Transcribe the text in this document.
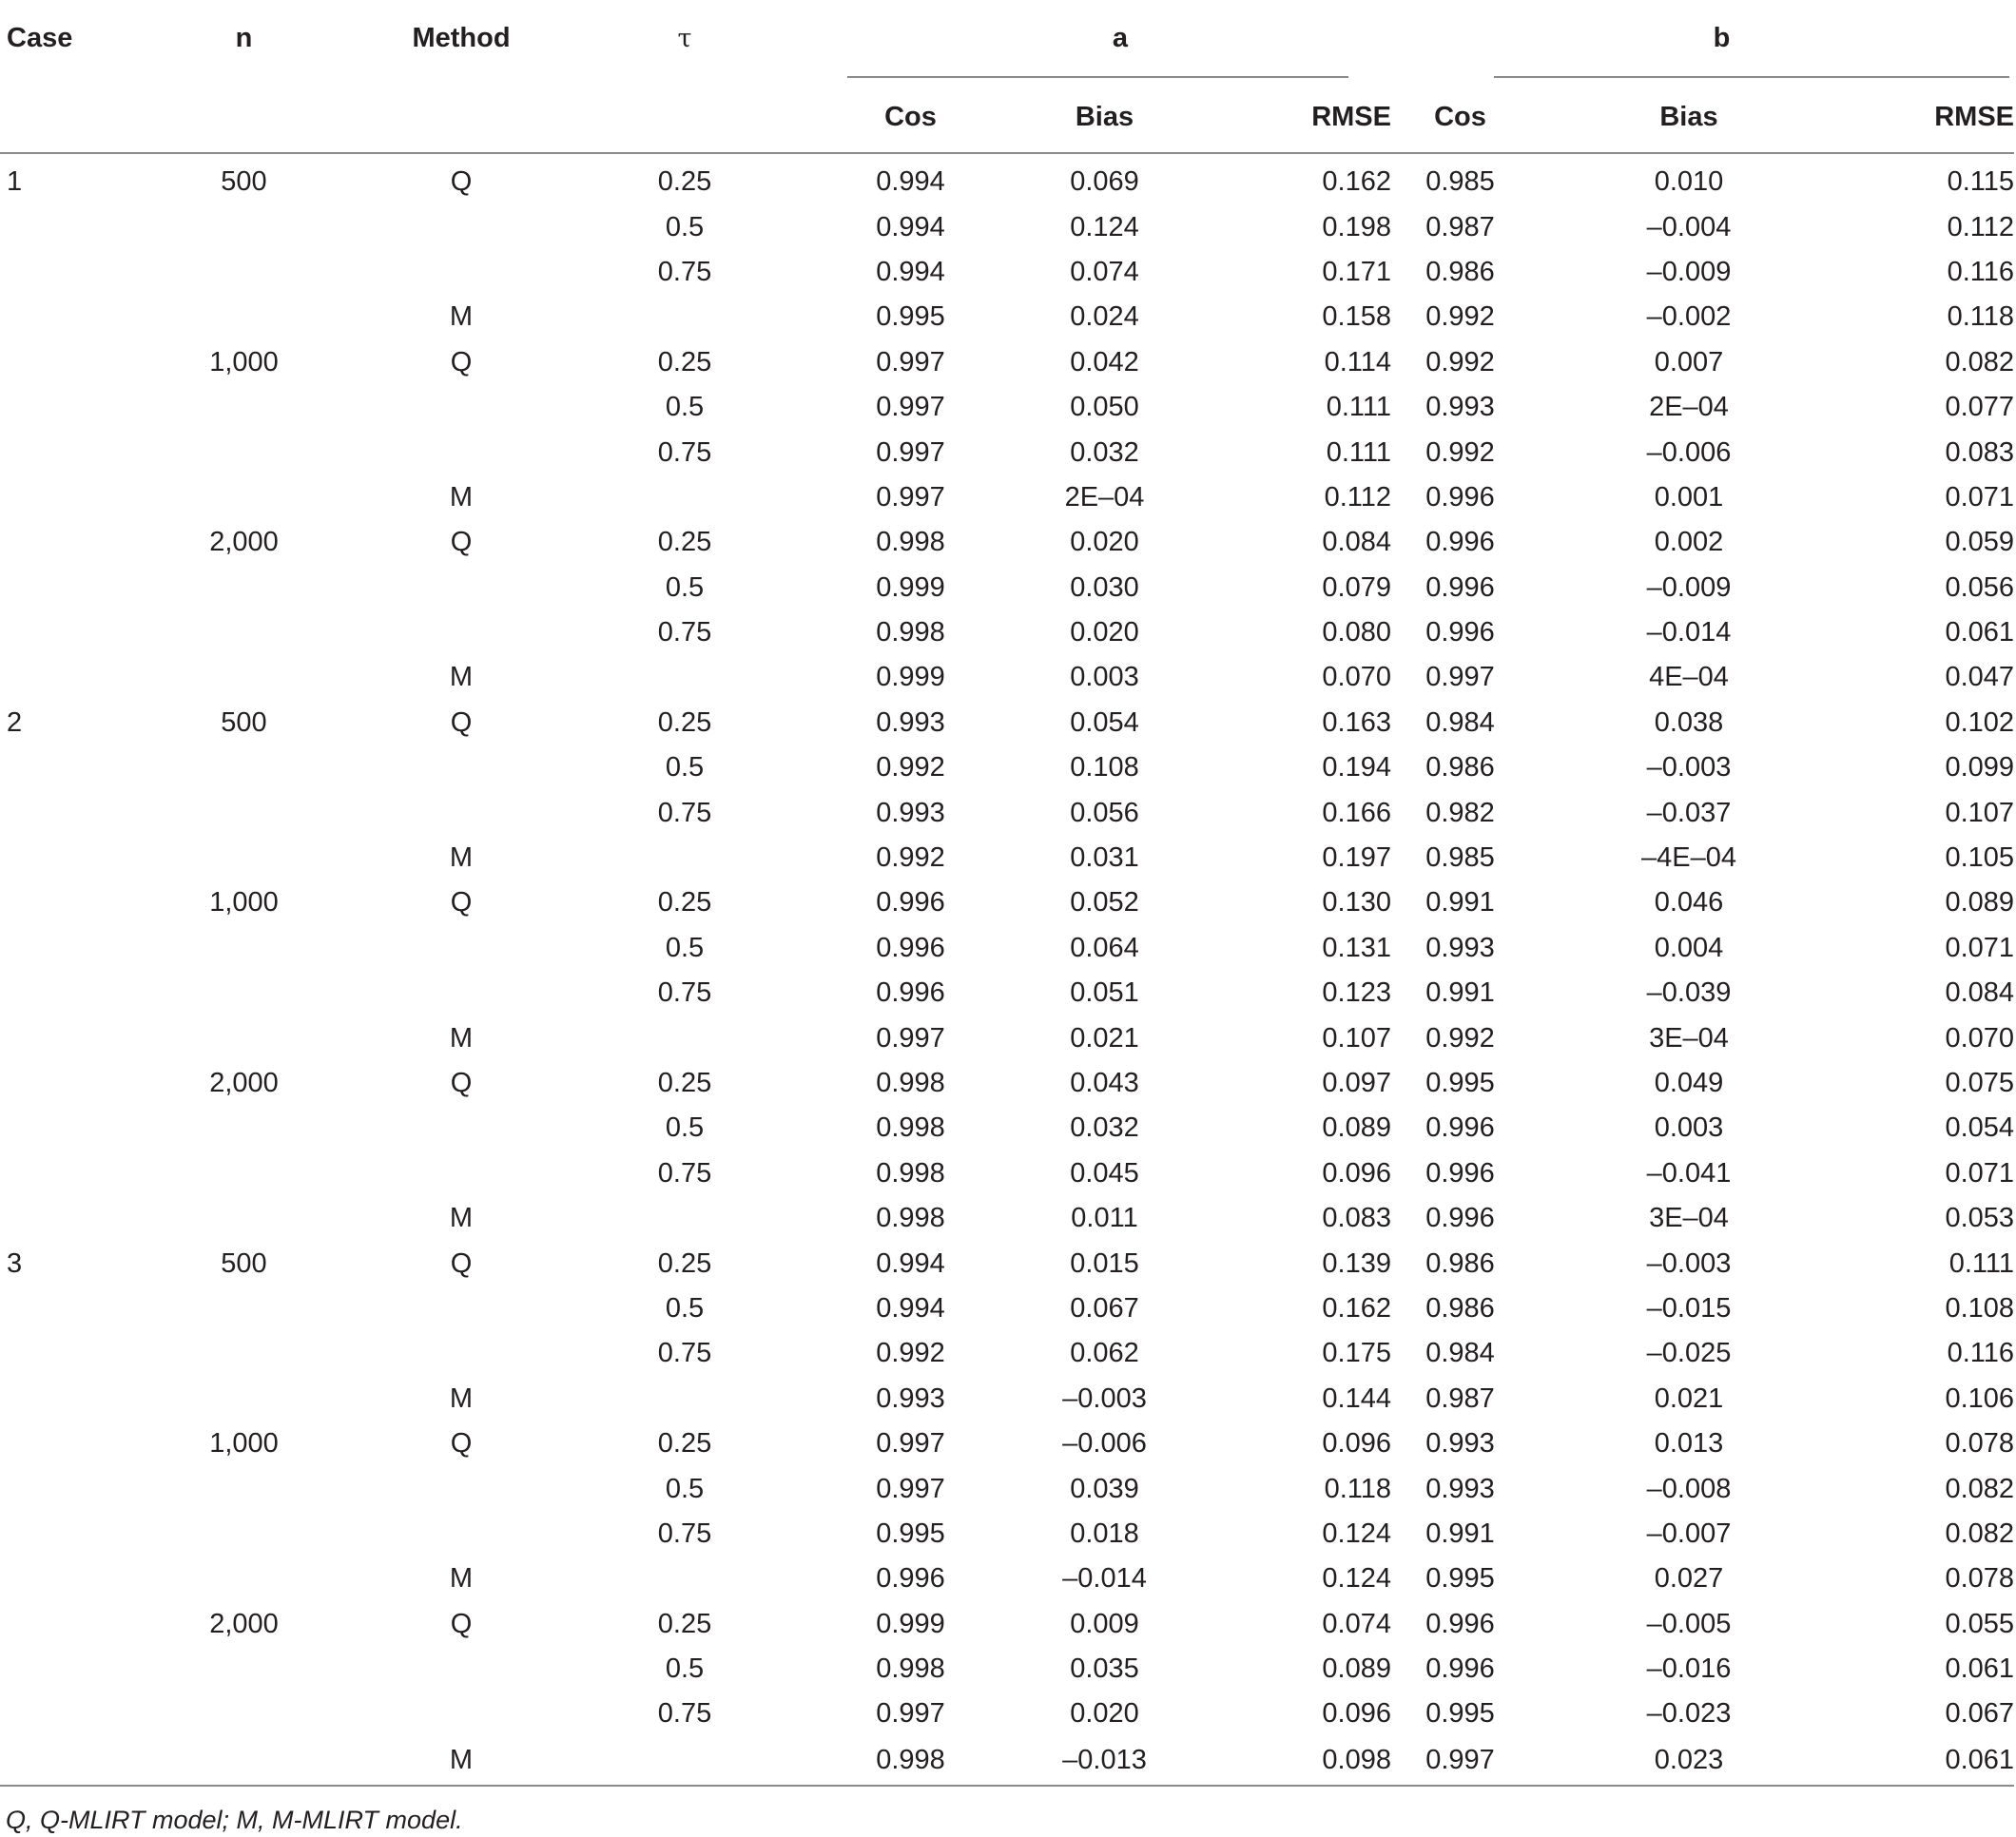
Case	n	Method	τ	a			b		
				Cos	Bias	RMSE	Cos	Bias	RMSE
1	500	Q	0.25	0.994	0.069	0.162	0.985	0.010	0.115
			0.5	0.994	0.124	0.198	0.987	–0.004	0.112
			0.75	0.994	0.074	0.171	0.986	–0.009	0.116
		M		0.995	0.024	0.158	0.992	–0.002	0.118
	1,000	Q	0.25	0.997	0.042	0.114	0.992	0.007	0.082
			0.5	0.997	0.050	0.111	0.993	2E–04	0.077
			0.75	0.997	0.032	0.111	0.992	–0.006	0.083
		M		0.997	2E–04	0.112	0.996	0.001	0.071
	2,000	Q	0.25	0.998	0.020	0.084	0.996	0.002	0.059
			0.5	0.999	0.030	0.079	0.996	–0.009	0.056
			0.75	0.998	0.020	0.080	0.996	–0.014	0.061
		M		0.999	0.003	0.070	0.997	4E–04	0.047
2	500	Q	0.25	0.993	0.054	0.163	0.984	0.038	0.102
			0.5	0.992	0.108	0.194	0.986	–0.003	0.099
			0.75	0.993	0.056	0.166	0.982	–0.037	0.107
		M		0.992	0.031	0.197	0.985	–4E–04	0.105
	1,000	Q	0.25	0.996	0.052	0.130	0.991	0.046	0.089
			0.5	0.996	0.064	0.131	0.993	0.004	0.071
			0.75	0.996	0.051	0.123	0.991	–0.039	0.084
		M		0.997	0.021	0.107	0.992	3E–04	0.070
	2,000	Q	0.25	0.998	0.043	0.097	0.995	0.049	0.075
			0.5	0.998	0.032	0.089	0.996	0.003	0.054
			0.75	0.998	0.045	0.096	0.996	–0.041	0.071
		M		0.998	0.011	0.083	0.996	3E–04	0.053
3	500	Q	0.25	0.994	0.015	0.139	0.986	–0.003	0.111
			0.5	0.994	0.067	0.162	0.986	–0.015	0.108
			0.75	0.992	0.062	0.175	0.984	–0.025	0.116
		M		0.993	–0.003	0.144	0.987	0.021	0.106
	1,000	Q	0.25	0.997	–0.006	0.096	0.993	0.013	0.078
			0.5	0.997	0.039	0.118	0.993	–0.008	0.082
			0.75	0.995	0.018	0.124	0.991	–0.007	0.082
		M		0.996	–0.014	0.124	0.995	0.027	0.078
	2,000	Q	0.25	0.999	0.009	0.074	0.996	–0.005	0.055
			0.5	0.998	0.035	0.089	0.996	–0.016	0.061
			0.75	0.997	0.020	0.096	0.995	–0.023	0.067
		M		0.998	–0.013	0.098	0.997	0.023	0.061
Q, Q-MLIRT model; M, M-MLIRT model.
